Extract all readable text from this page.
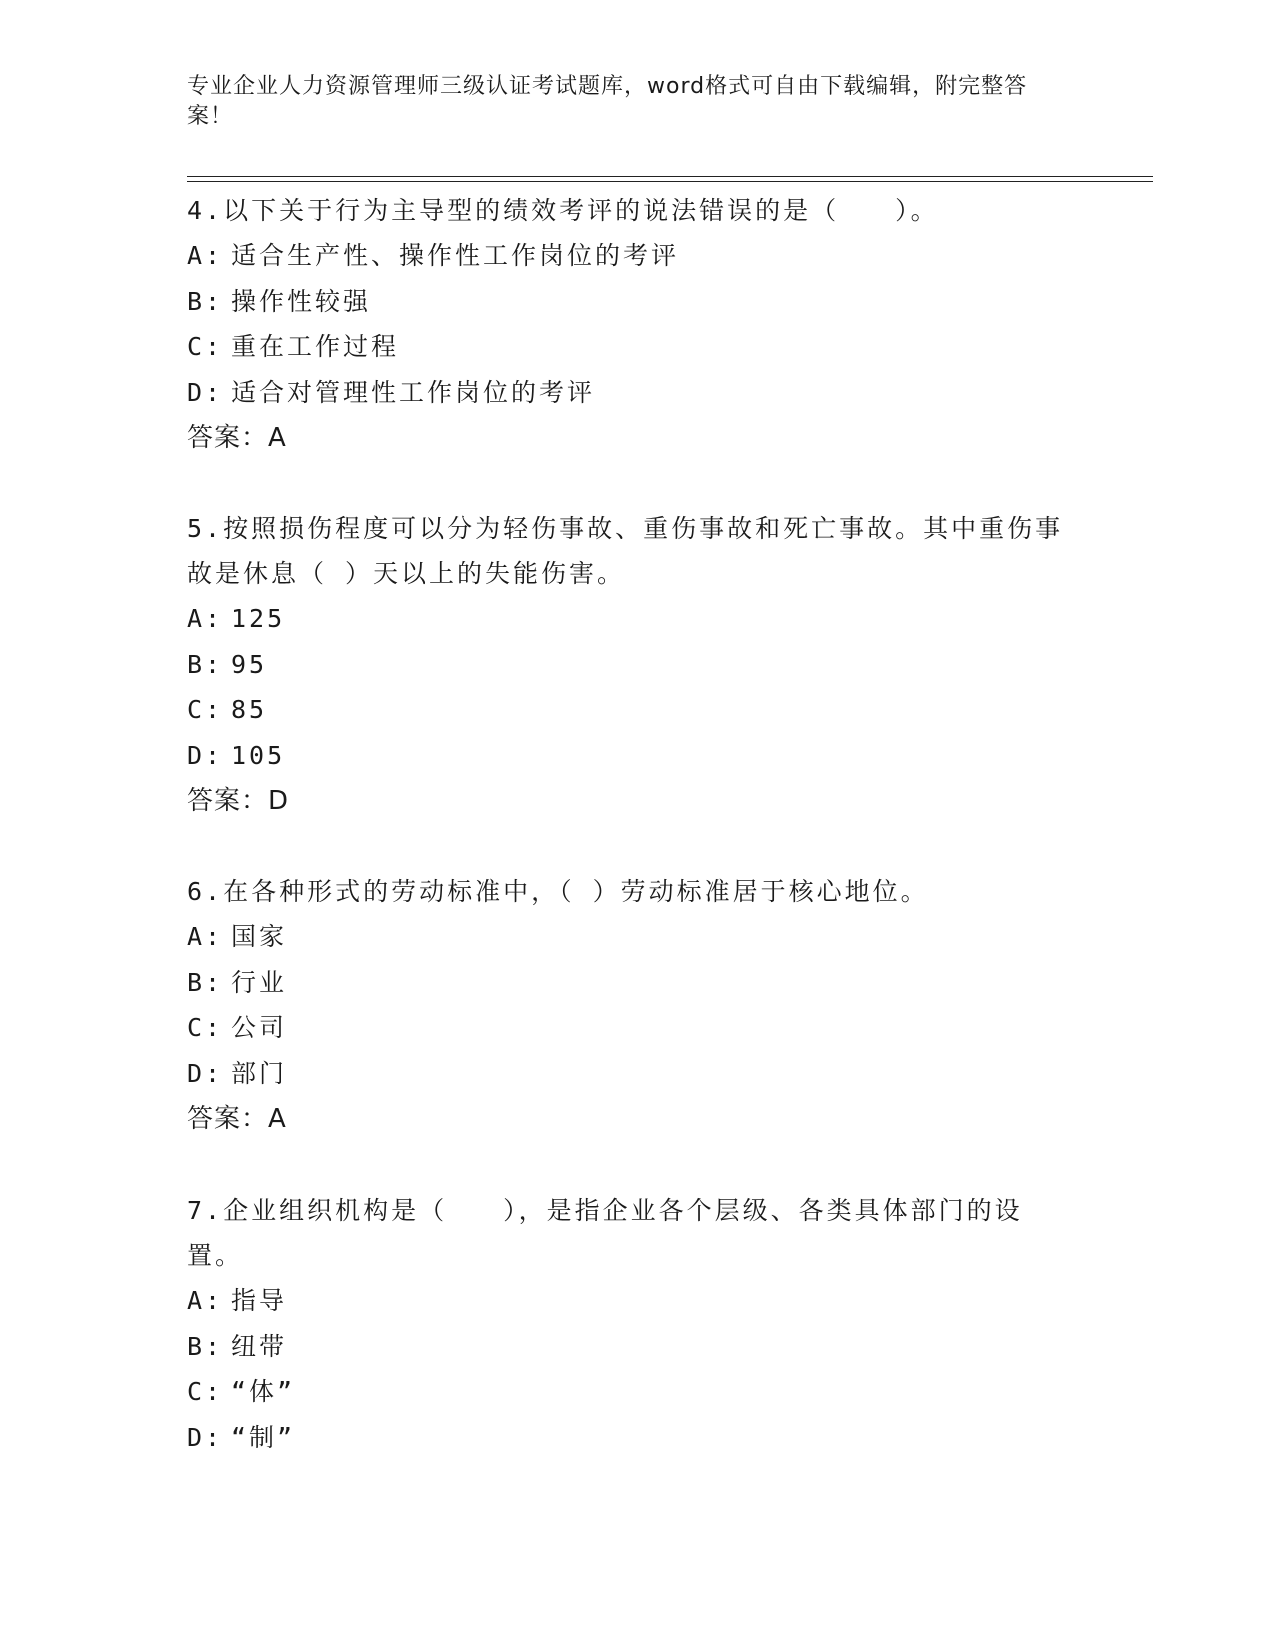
专业企业人力资源管理师三级认证考试题库，word格式可自由下载编辑，附完整答案！

4.以下关于行为主导型的绩效考评的说法错误的是（　　）。

A: 适合生产性、操作性工作岗位的考评

B: 操作性较强

C: 重在工作过程

D: 适合对管理性工作岗位的考评

答案：A

5.按照损伤程度可以分为轻伤事故、重伤事故和死亡事故。其中重伤事故是休息（ ）天以上的失能伤害。

A: 125

B: 95

C: 85

D: 105

答案：D

6.在各种形式的劳动标准中，（ ）劳动标准居于核心地位。

A: 国家

B: 行业

C: 公司

D: 部门

答案：A

7.企业组织机构是（　　），是指企业各个层级、各类具体部门的设置。

A: 指导

B: 纽带

C: “体”

D: “制”
